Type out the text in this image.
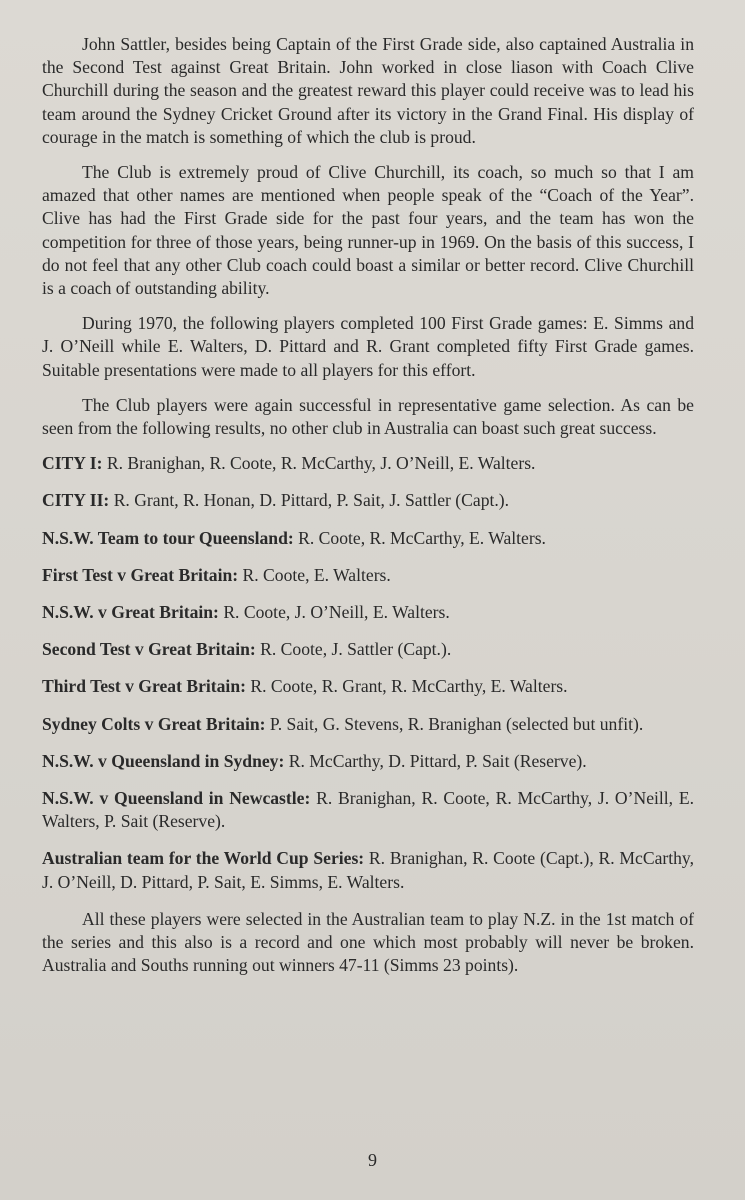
John Sattler, besides being Captain of the First Grade side, also captained Australia in the Second Test against Great Britain. John worked in close liason with Coach Clive Churchill during the season and the greatest reward this player could receive was to lead his team around the Sydney Cricket Ground after its victory in the Grand Final. His display of courage in the match is something of which the club is proud.

The Club is extremely proud of Clive Churchill, its coach, so much so that I am amazed that other names are mentioned when people speak of the “Coach of the Year”. Clive has had the First Grade side for the past four years, and the team has won the competition for three of those years, being runner-up in 1969. On the basis of this success, I do not feel that any other Club coach could boast a similar or better record. Clive Churchill is a coach of outstanding ability.

During 1970, the following players completed 100 First Grade games: E. Simms and J. O’Neill while E. Walters, D. Pittard and R. Grant completed fifty First Grade games. Suitable presentations were made to all players for this effort.

The Club players were again successful in representative game selection. As can be seen from the following results, no other club in Australia can boast such great success.

CITY I: R. Branighan, R. Coote, R. McCarthy, J. O’Neill, E. Walters.

CITY II: R. Grant, R. Honan, D. Pittard, P. Sait, J. Sattler (Capt.).

N.S.W. Team to tour Queensland: R. Coote, R. McCarthy, E. Walters.

First Test v Great Britain: R. Coote, E. Walters.

N.S.W. v Great Britain: R. Coote, J. O’Neill, E. Walters.

Second Test v Great Britain: R. Coote, J. Sattler (Capt.).

Third Test v Great Britain: R. Coote, R. Grant, R. McCarthy, E. Walters.

Sydney Colts v Great Britain: P. Sait, G. Stevens, R. Branighan (selected but unfit).

N.S.W. v Queensland in Sydney: R. McCarthy, D. Pittard, P. Sait (Reserve).

N.S.W. v Queensland in Newcastle: R. Branighan, R. Coote, R. McCarthy, J. O’Neill, E. Walters, P. Sait (Reserve).

Australian team for the World Cup Series: R. Branighan, R. Coote (Capt.), R. McCarthy, J. O’Neill, D. Pittard, P. Sait, E. Simms, E. Walters.

All these players were selected in the Australian team to play N.Z. in the 1st match of the series and this also is a record and one which most probably will never be broken. Australia and Souths running out winners 47-11 (Simms 23 points).

9
